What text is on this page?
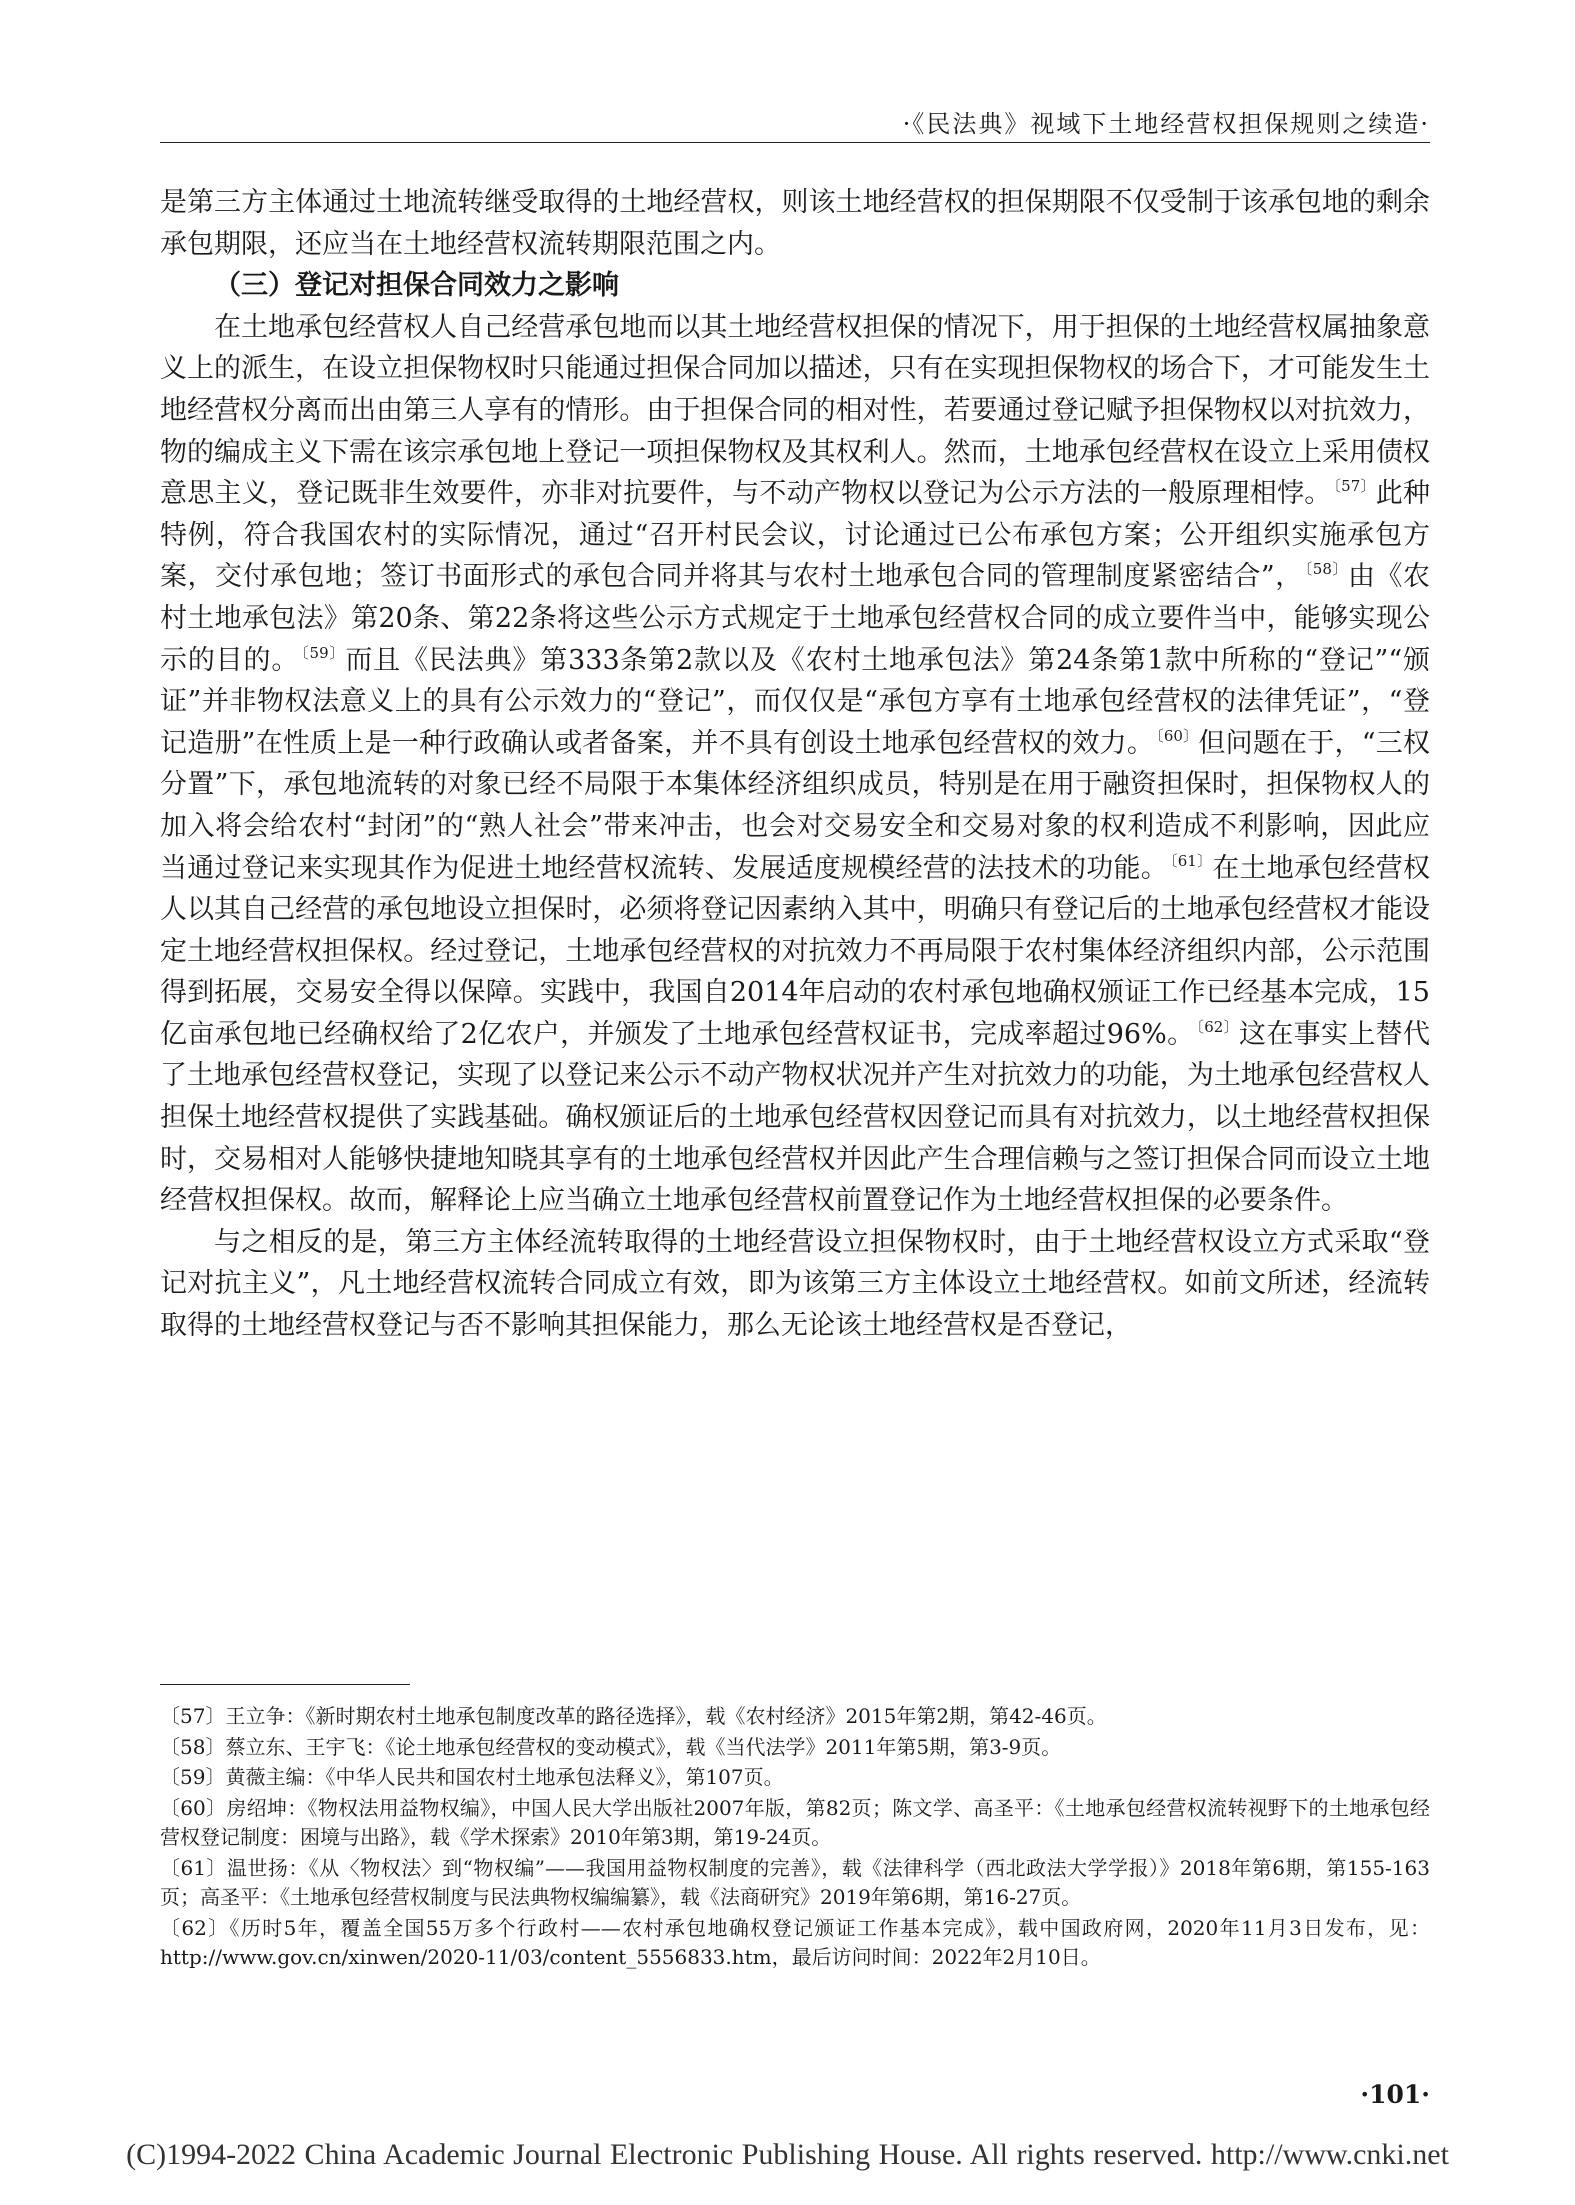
·《民法典》视域下土地经营权担保规则之续造·

是第三方主体通过土地流转继受取得的土地经营权，则该土地经营权的担保期限不仅受制于该承包地的剩余承包期限，还应当在土地经营权流转期限范围之内。

（三）登记对担保合同效力之影响

在土地承包经营权人自己经营承包地而以其土地经营权担保的情况下，用于担保的土地经营权属抽象意义上的派生，在设立担保物权时只能通过担保合同加以描述，只有在实现担保物权的场合下，才可能发生土地经营权分离而出由第三人享有的情形。由于担保合同的相对性，若要通过登记赋予担保物权以对抗效力，物的编成主义下需在该宗承包地上登记一项担保物权及其权利人。然而，土地承包经营权在设立上采用债权意思主义，登记既非生效要件，亦非对抗要件，与不动产物权以登记为公示方法的一般原理相悖。 $^{〔57〕}$此种特例，符合我国农村的实际情况，通过“召开村民会议，讨论通过已公布承包方案；公开组织实施承包方案，交付承包地；签订书面形式的承包合同并将其与农村土地承包合同的管理制度紧密结合”， $^{〔58〕}$由《农村土地承包法》第20条、第22条将这些公示方式规定于土地承包经营权合同的成立要件当中，能够实现公示的目的。 $^{〔59〕}$而且《民法典》第333条第2款以及《农村土地承包法》第24条第1款中所称的“登记”“颁证”并非物权法意义上的具有公示效力的“登记”，而仅仅是“承包方享有土地承包经营权的法律凭证”，“登记造册”在性质上是一种行政确认或者备案，并不具有创设土地承包经营权的效力。 $^{〔60〕}$但问题在于，“三权分置”下，承包地流转的对象已经不局限于本集体经济组织成员，特别是在用于融资担保时，担保物权人的加入将会给农村“封闭”的“熟人社会”带来冲击，也会对交易安全和交易对象的权利造成不利影响，因此应当通过登记来实现其作为促进土地经营权流转、发展适度规模经营的法技术的功能。 $^{〔61〕}$在土地承包经营权人以其自己经营的承包地设立担保时，必须将登记因素纳入其中，明确只有登记后的土地承包经营权才能设定土地经营权担保权。经过登记，土地承包经营权的对抗效力不再局限于农村集体经济组织内部，公示范围得到拓展，交易安全得以保障。实践中，我国自2014年启动的农村承包地确权颁证工作已经基本完成，15亿亩承包地已经确权给了2亿农户，并颁发了土地承包经营权证书，完成率超过96%。 $^{〔62〕}$这在事实上替代了土地承包经营权登记，实现了以登记来公示不动产物权状况并产生对抗效力的功能，为土地承包经营权人担保土地经营权提供了实践基础。确权颁证后的土地承包经营权因登记而具有对抗效力，以土地经营权担保时，交易相对人能够快捷地知晓其享有的土地承包经营权并因此产生合理信赖与之签订担保合同而设立土地经营权担保权。故而，解释论上应当确立土地承包经营权前置登记作为土地经营权担保的必要条件。

与之相反的是，第三方主体经流转取得的土地经营设立担保物权时，由于土地经营权设立方式采取“登记对抗主义”，凡土地经营权流转合同成立有效，即为该第三方主体设立土地经营权。如前文所述，经流转取得的土地经营权登记与否不影响其担保能力，那么无论该土地经营权是否登记，

〔57〕王立争：《新时期农村土地承包制度改革的路径选择》，载《农村经济》2015年第2期，第42-46页。

〔58〕蔡立东、王宇飞：《论土地承包经营权的变动模式》，载《当代法学》2011年第5期，第3-9页。

〔59〕黄薇主编：《中华人民共和国农村土地承包法释义》，第107页。

〔60〕房绍坤：《物权法用益物权编》，中国人民大学出版社2007年版，第82页；陈文学、高圣平：《土地承包经营权流转视野下的土地承包经营权登记制度：困境与出路》，载《学术探索》2010年第3期，第19-24页。

〔61〕温世扬：《从〈物权法〉到“物权编”——我国用益物权制度的完善》，载《法律科学（西北政法大学学报）》2018年第6期，第155-163页；高圣平：《土地承包经营权制度与民法典物权编编纂》，载《法商研究》2019年第6期，第16-27页。

〔62〕《历时5年，覆盖全国55万多个行政村——农村承包地确权登记颁证工作基本完成》，载中国政府网，2020年11月3日发布，见：http://www.gov.cn/xinwen/2020-11/03/content_5556833.htm，最后访问时间：2022年2月10日。

·101·
(C)1994-2022 China Academic Journal Electronic Publishing House. All rights reserved. http://www.cnki.net
